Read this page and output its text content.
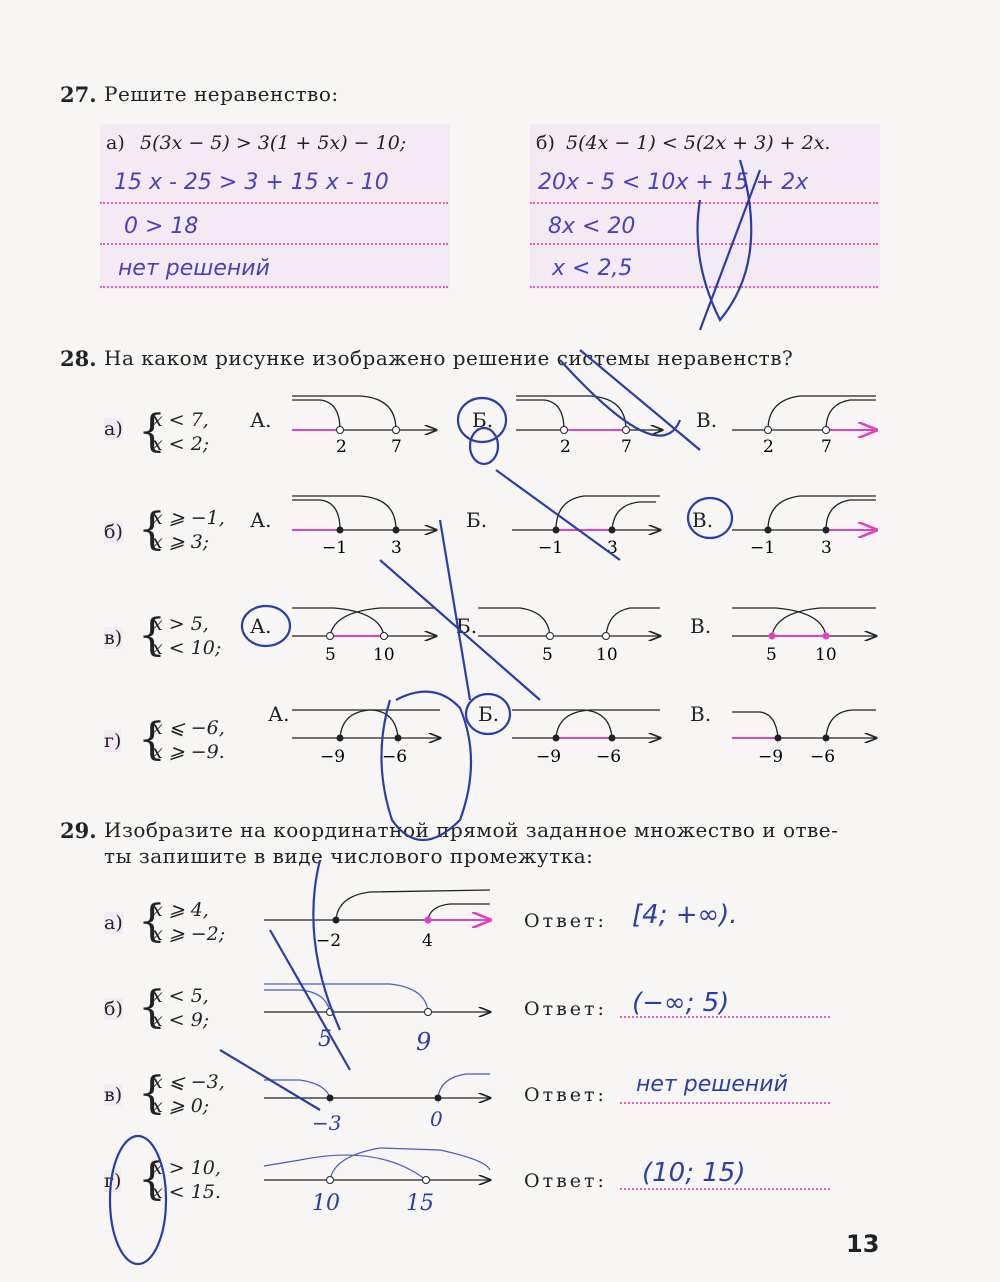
27. Решите неравенство:
а) 5(3x − 5) > 3(1 + 5x) − 10;	б) 5(4x − 1) < 5(2x + 3) + 2x.
15 x - 25 > 3 + 15 x - 10
0 > 18
нет решений
20x - 5 < 10x + 15 + 2x
8x < 20
x < 2,5
28. На каком рисунке изображено решение системы неравенств?
а) {
x < 7,
x < 2;
б) {
x ⩾ −1,
x ⩾ 3;
в) {
x > 5,
x < 10;
г) {
x ⩽ −6,
x ⩾ −9.
А.	Б.	В.
А.	Б.	В.
А.	Б.	В.
А.	Б.	В.
29. Изобразите на координатной прямой заданное множество и отве-
ты запишите в виде числового промежутка:
а) {
x ⩾ 4,
x ⩾ −2;
б) {
x < 5,
x < 9;
в) {
x ⩽ −3,
x ⩾ 0;
г) {
x > 10,
x < 15.
Ответ: [4; +∞).
Ответ: (−∞; 5)
Ответ: нет решений
Ответ: (10; 15)
13
2	7	2	7	2	7
−1	3	−1	3	−1	3
5 10	5	10	5 10
−9 −6	−9 −6	−9 −6
−2	4
5	9
−3	0
10	15
